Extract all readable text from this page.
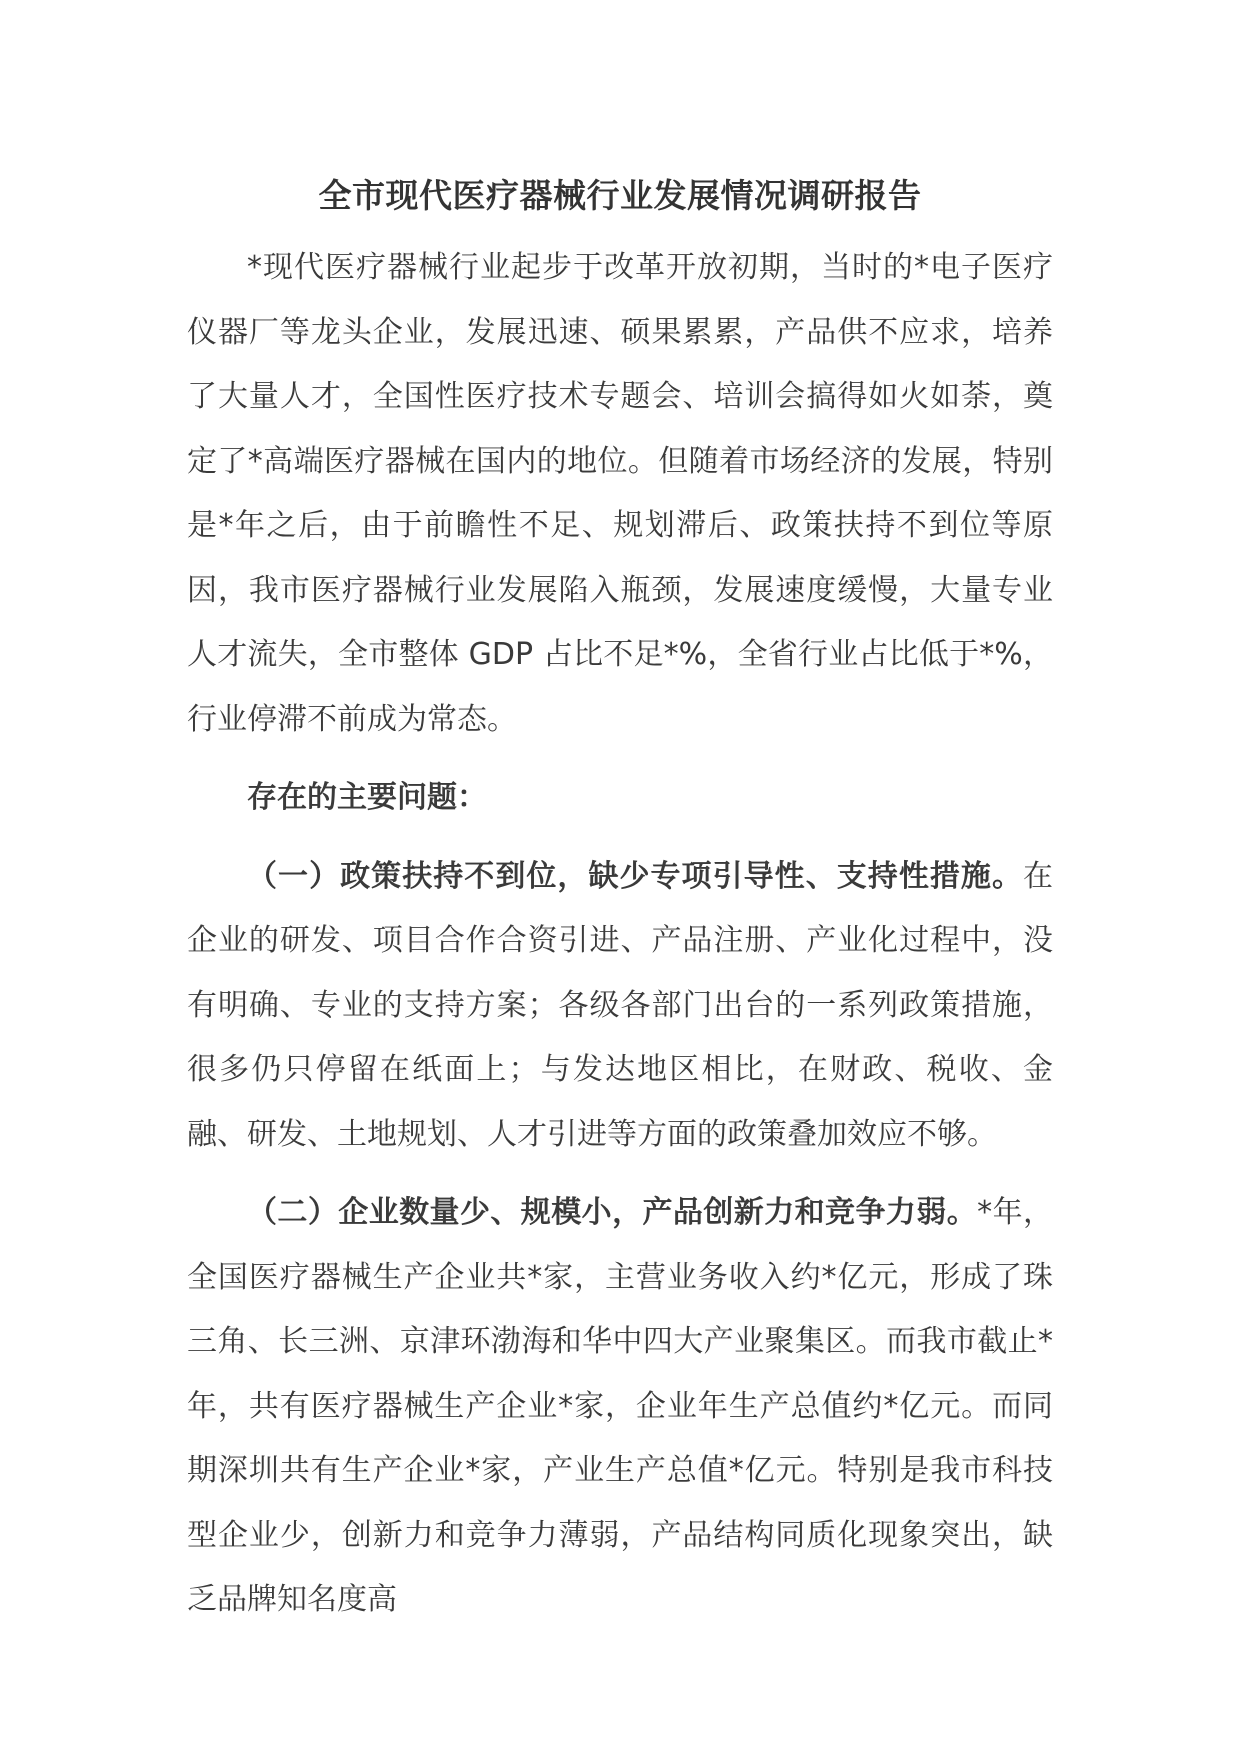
全市现代医疗器械行业发展情况调研报告

*现代医疗器械行业起步于改革开放初期，当时的*电子医疗仪器厂等龙头企业，发展迅速、硕果累累，产品供不应求，培养了大量人才，全国性医疗技术专题会、培训会搞得如火如荼，奠定了*高端医疗器械在国内的地位。但随着市场经济的发展，特别是*年之后，由于前瞻性不足、规划滞后、政策扶持不到位等原因，我市医疗器械行业发展陷入瓶颈，发展速度缓慢，大量专业人才流失，全市整体 GDP 占比不足*%，全省行业占比低于*%，行业停滞不前成为常态。

存在的主要问题：

（一）政策扶持不到位，缺少专项引导性、支持性措施。在企业的研发、项目合作合资引进、产品注册、产业化过程中，没有明确、专业的支持方案；各级各部门出台的一系列政策措施，很多仍只停留在纸面上；与发达地区相比，在财政、税收、金融、研发、土地规划、人才引进等方面的政策叠加效应不够。

（二）企业数量少、规模小，产品创新力和竞争力弱。*年，全国医疗器械生产企业共*家，主营业务收入约*亿元，形成了珠三角、长三洲、京津环渤海和华中四大产业聚集区。而我市截止*年，共有医疗器械生产企业*家，企业年生产总值约*亿元。而同期深圳共有生产企业*家，产业生产总值*亿元。特别是我市科技型企业少，创新力和竞争力薄弱，产品结构同质化现象突出，缺乏品牌知名度高
